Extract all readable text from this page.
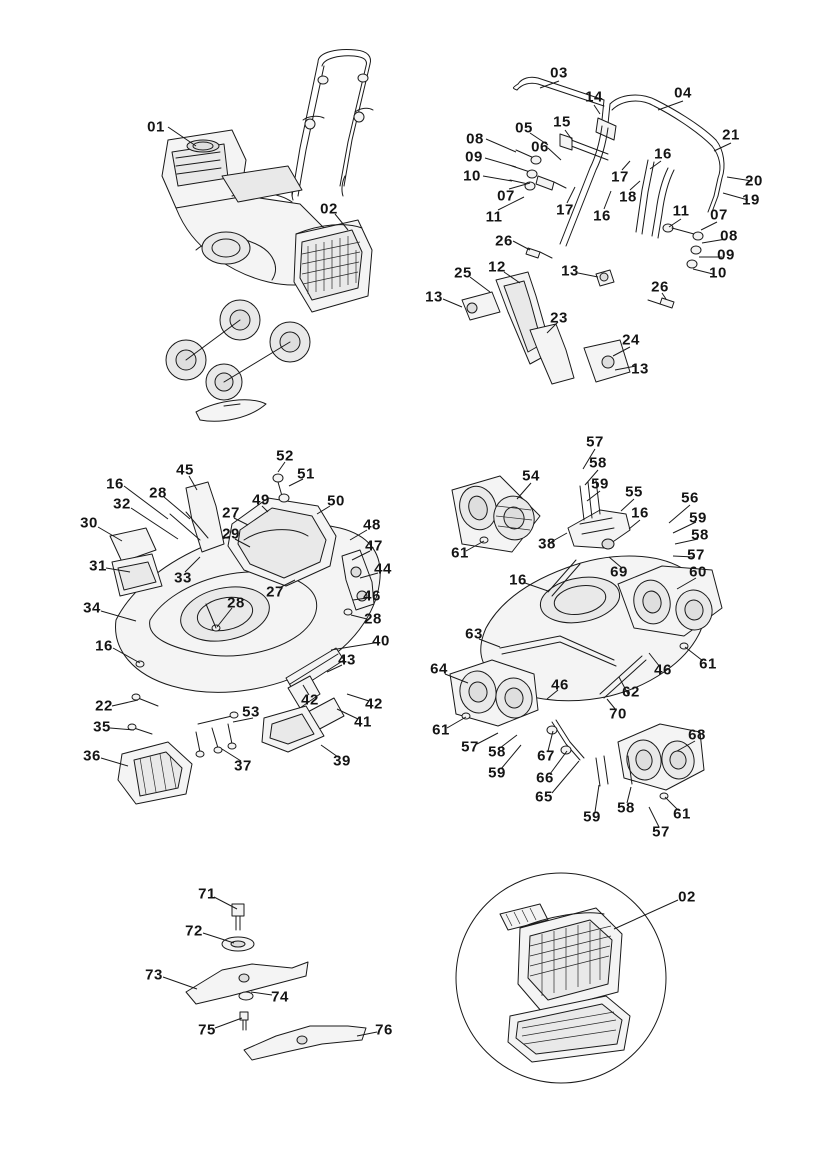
01
02
03
14	04
05 15
08	06
21
16
09
10	17	20
07	18	19
11	17 16	11 07
08
26
09
25 12	13	10
26
13
23
24
13
52
51
45
16
28	49	50
32
27
30	48
29
47
31
33
44
27	46
34
28
28
16	40
43
42
42
53
41
22
35
37	39
36
57
58
54	59 55	56
16	59
58
38
57
61
69	60
16
63
46 61
64
46	62
70
68
61
57 58 67
59 66
65
59
58	61
57
71
72
73
74
75	76
02
